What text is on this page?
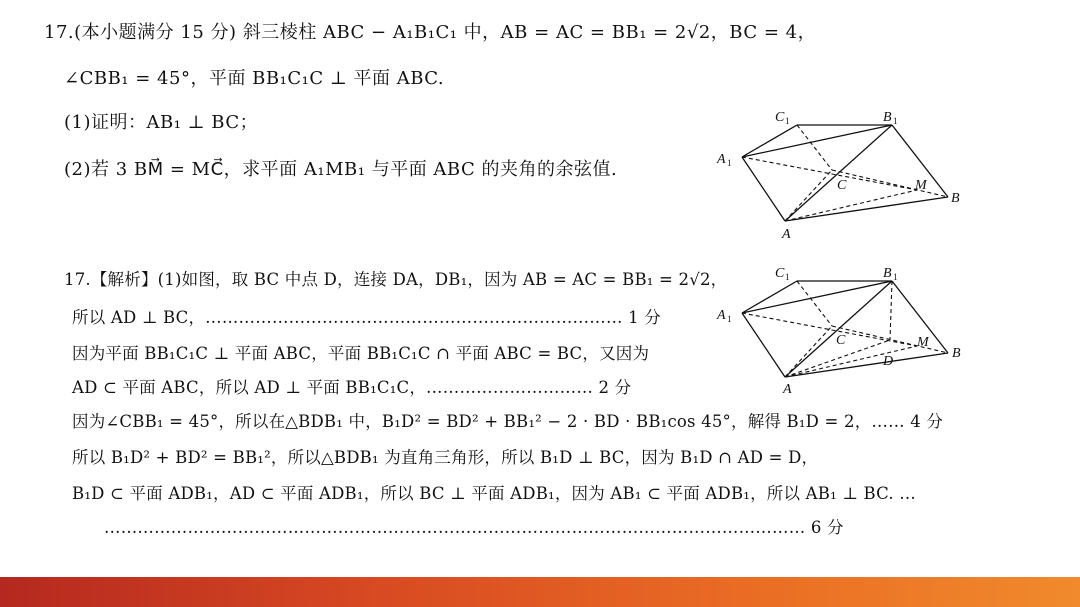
17.(本小题满分 15 分) 斜三棱柱 ABC − A₁B₁C₁ 中，AB = AC = BB₁ = 2√2，BC = 4，
∠CBB₁ = 45°，平面 BB₁C₁C ⊥ 平面 ABC.
(1)证明：AB₁ ⊥ BC；
(2)若 3 BM⃗ = MC⃗，求平面 A₁MB₁ 与平面 ABC 的夹角的余弦值.
C 1	B 1
A 1
C	M
B
A
17.【解析】(1)如图，取 BC 中点 D，连接 DA，DB₁，因为 AB = AC = BB₁ = 2√2，
所以 AD ⊥ BC，………………………………………………………………… 1 分
因为平面 BB₁C₁C ⊥ 平面 ABC，平面 BB₁C₁C ∩ 平面 ABC = BC，又因为
AD ⊂ 平面 ABC，所以 AD ⊥ 平面 BB₁C₁C，………………………… 2 分
因为∠CBB₁ = 45°，所以在△BDB₁ 中，B₁D² = BD² + BB₁² − 2 · BD · BB₁cos 45°，解得 B₁D = 2，…… 4 分
所以 B₁D² + BD² = BB₁²，所以△BDB₁ 为直角三角形，所以 B₁D ⊥ BC，因为 B₁D ∩ AD = D，
B₁D ⊂ 平面 ADB₁，AD ⊂ 平面 ADB₁，所以 BC ⊥ 平面 ADB₁，因为 AB₁ ⊂ 平面 ADB₁，所以 AB₁ ⊥ BC. …
……………………………………………………………………………………………………………… 6 分
C 1	B 1
A 1
C	M
B
D
A
